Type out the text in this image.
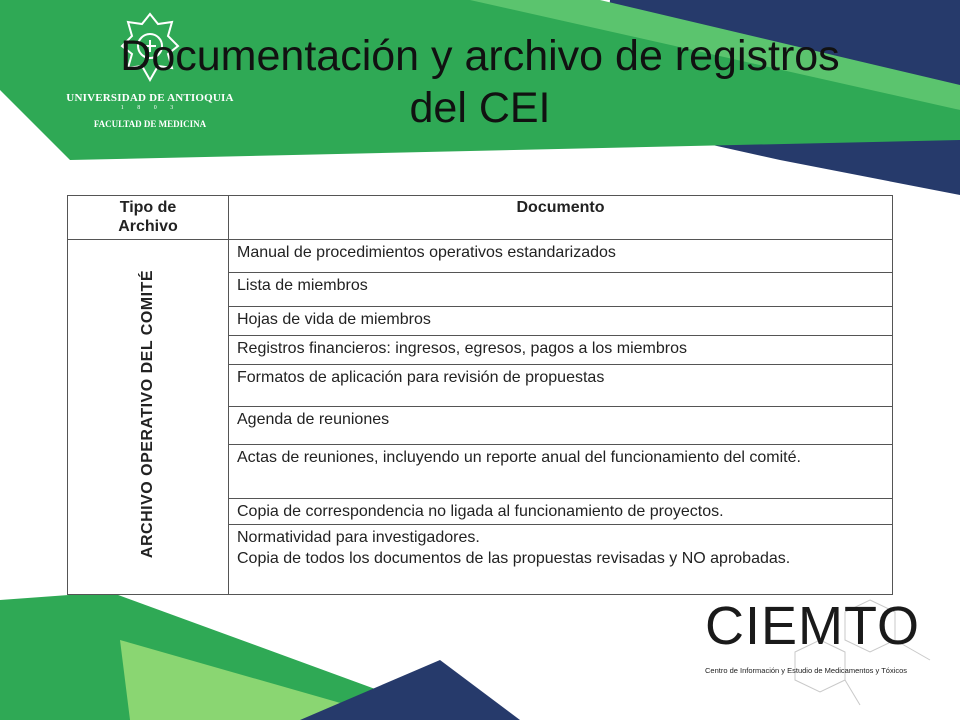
UNIVERSIDAD DE ANTIOQUIA
1 8 0 3
FACULTAD DE MEDICINA
Documentación y archivo de registros
del CEI
Tipo de
Archivo	Documento
ARCHIVO OPERATIVO DEL COMITÉ	Manual de procedimientos operativos estandarizados
	Lista de miembros
	Hojas de vida de miembros
	Registros financieros: ingresos, egresos, pagos a los miembros
	Formatos de aplicación para revisión de propuestas
	Agenda de reuniones
	Actas de reuniones, incluyendo un reporte anual del funcionamiento del comité.
	Copia de correspondencia no ligada al funcionamiento de proyectos.

	Normatividad para investigadores.
Copia de todos los documentos de las propuestas revisadas y NO aprobadas.
CIEMTO
Centro de Información y Estudio de Medicamentos y Tóxicos
